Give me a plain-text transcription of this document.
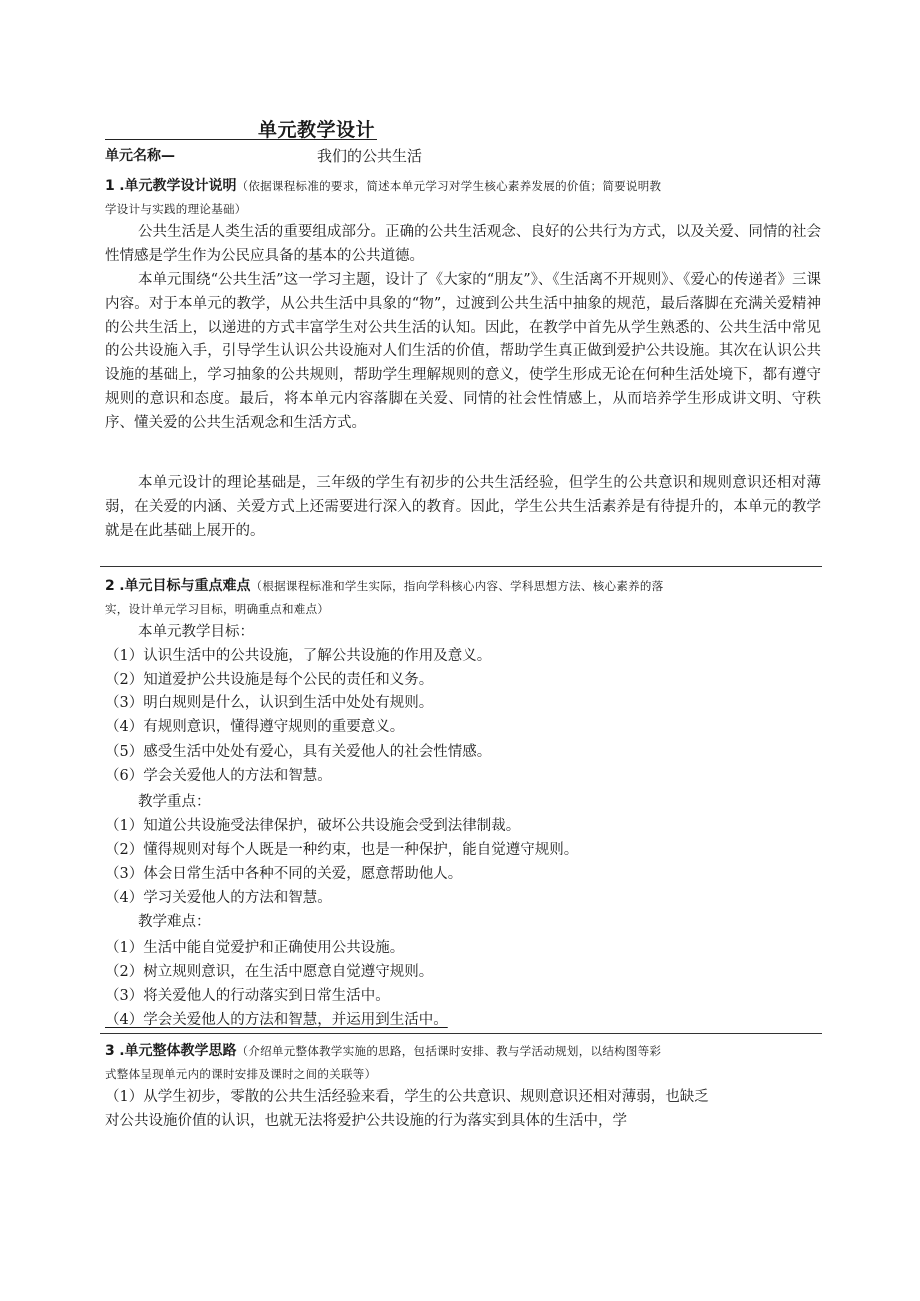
单元教学设计
单元名称—	我们的公共生活
1 .单元教学设计说明（依据课程标准的要求，简述本单元学习对学生核心素养发展的价值；简要说明教
学设计与实践的理论基础）
公共生活是人类生活的重要组成部分。正确的公共生活观念、良好的公共行为方式，以及关爱、同情的社会性情感是学生作为公民应具备的基本的公共道德。
本单元围绕“公共生活”这一学习主题，设计了《大家的“朋友”》、《生活离不开规则》、《爱心的传递者》三课内容。对于本单元的教学，从公共生活中具象的“物”，过渡到公共生活中抽象的规范，最后落脚在充满关爱精神的公共生活上，以递进的方式丰富学生对公共生活的认知。因此，在教学中首先从学生熟悉的、公共生活中常见的公共设施入手，引导学生认识公共设施对人们生活的价值，帮助学生真正做到爱护公共设施。其次在认识公共设施的基础上，学习抽象的公共规则，帮助学生理解规则的意义，使学生形成无论在何种生活处境下，都有遵守规则的意识和态度。最后，将本单元内容落脚在关爱、同情的社会性情感上，从而培养学生形成讲文明、守秩序、懂关爱的公共生活观念和生活方式。
本单元设计的理论基础是，三年级的学生有初步的公共生活经验，但学生的公共意识和规则意识还相对薄弱，在关爱的内涵、关爱方式上还需要进行深入的教育。因此，学生公共生活素养是有待提升的，本单元的教学就是在此基础上展开的。
2 .单元目标与重点难点（根据课程标准和学生实际，指向学科核心内容、学科思想方法、核心素养的落
实，设计单元学习目标，明确重点和难点）
本单元教学目标：
（1）认识生活中的公共设施，了解公共设施的作用及意义。
（2）知道爱护公共设施是每个公民的责任和义务。
（3）明白规则是什么，认识到生活中处处有规则。
（4）有规则意识，懂得遵守规则的重要意义。
（5）感受生活中处处有爱心，具有关爱他人的社会性情感。
（6）学会关爱他人的方法和智慧。
教学重点：
（1）知道公共设施受法律保护，破坏公共设施会受到法律制裁。
（2）懂得规则对每个人既是一种约束，也是一种保护，能自觉遵守规则。
（3）体会日常生活中各种不同的关爱，愿意帮助他人。
（4）学习关爱他人的方法和智慧。
教学难点：
（1）生活中能自觉爱护和正确使用公共设施。
（2）树立规则意识，在生活中愿意自觉遵守规则。
（3）将关爱他人的行动落实到日常生活中。
（4）学会关爱他人的方法和智慧，并运用到生活中。
3 .单元整体教学思路（介绍单元整体教学实施的思路，包括课时安排、教与学活动规划，以结构图等彩
式整体呈现单元内的课时安排及课时之间的关联等）
（1）从学生初步，零散的公共生活经验来看，学生的公共意识、规则意识还相对薄弱，也缺乏
对公共设施价值的认识，也就无法将爱护公共设施的行为落实到具体的生活中，学
